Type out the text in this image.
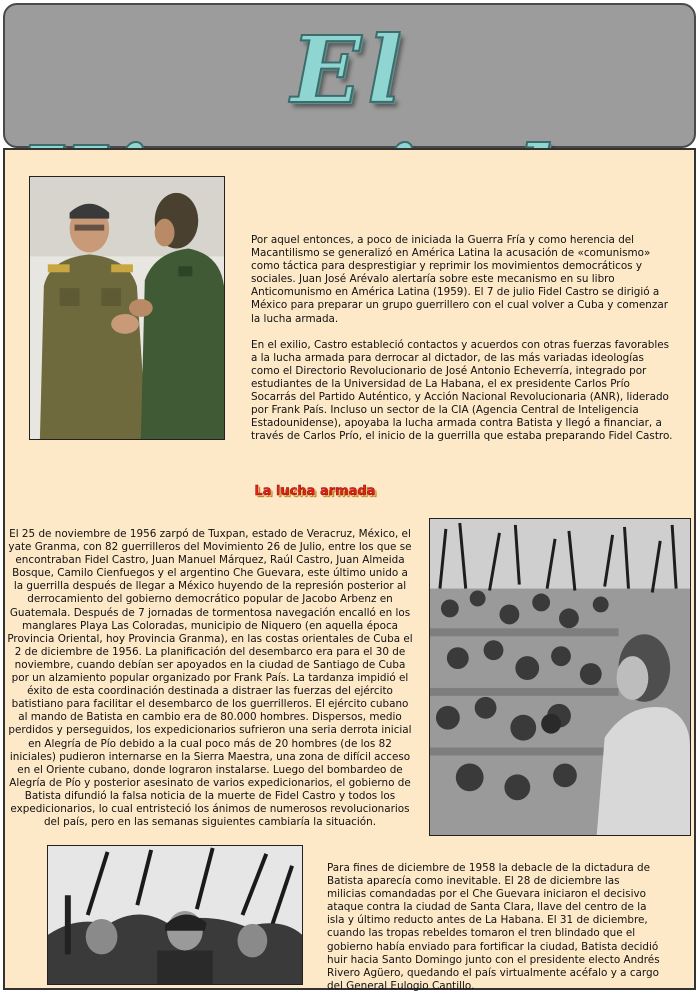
El

Por aquel entonces, a poco de iniciada la Guerra Fría y como herencia del Macantilismo se generalizó en América Latina la acusación de «comunismo» como táctica para desprestigiar y reprimir los movimientos democráticos y sociales. Juan José Arévalo alertaría sobre este mecanismo en su libro Anticomunismo en América Latina (1959). El 7 de julio Fidel Castro se dirigió a México para preparar un grupo guerrillero con el cual volver a Cuba y comenzar la lucha armada.

En el exilio, Castro estableció contactos y acuerdos con otras fuerzas favorables a la lucha armada para derrocar al dictador, de las más variadas ideologías como el Directorio Revolucionario de José Antonio Echeverría, integrado por estudiantes de la Universidad de La Habana, el ex presidente Carlos Prío Socarrás del Partido Auténtico, y Acción Nacional Revolucionaria (ANR), liderado por Frank País. Incluso un sector de la CIA (Agencia Central de Inteligencia Estadounidense), apoyaba la lucha armada contra Batista y llegó a financiar, a través de Carlos Prío, el inicio de la guerrilla que estaba preparando Fidel Castro.

La lucha armada
El 25 de noviembre de 1956 zarpó de Tuxpan, estado de Veracruz, México, el yate Granma, con 82 guerrilleros del Movimiento 26 de Julio, entre los que se encontraban Fidel Castro, Juan Manuel Márquez, Raúl Castro, Juan Almeida Bosque, Camilo Cienfuegos y el argentino Che Guevara, este último unido a la guerrilla después de llegar a México huyendo de la represión posterior al derrocamiento del gobierno democrático popular de Jacobo Arbenz en Guatemala. Después de 7 jornadas de tormentosa navegación encalló en los manglares Playa Las Coloradas, municipio de Niquero (en aquella época Provincia Oriental, hoy Provincia Granma), en las costas orientales de Cuba el 2 de diciembre de 1956. La planificación del desembarco era para el 30 de noviembre, cuando debían ser apoyados en la ciudad de Santiago de Cuba por un alzamiento popular organizado por Frank País. La tardanza impidió el éxito de esta coordinación destinada a distraer las fuerzas del ejército batistiano para facilitar el desembarco de los guerrilleros. El ejército cubano al mando de Batista en cambio era de 80.000 hombres. Dispersos, medio perdidos y perseguidos, los expedicionarios sufrieron una seria derrota inicial en Alegría de Pío debido a la cual poco más de 20 hombres (de los 82 iniciales) pudieron internarse en la Sierra Maestra, una zona de difícil acceso en el Oriente cubano, donde lograron instalarse. Luego del bombardeo de Alegría de Pío y posterior asesinato de varios expedicionarios, el gobierno de Batista difundió la falsa noticia de la muerte de Fidel Castro y todos los expedicionarios, lo cual entristeció los ánimos de numerosos revolucionarios del país, pero en las semanas siguientes cambiaría la situación.
Para fines de diciembre de 1958 la debacle de la dictadura de Batista aparecía como inevitable. El 28 de diciembre las milicias comandadas por el Che Guevara iniciaron el decisivo ataque contra la ciudad de Santa Clara, llave del centro de la isla y último reducto antes de La Habana. El 31 de diciembre, cuando las tropas rebeldes tomaron el tren blindado que el gobierno había enviado para fortificar la ciudad, Batista decidió huir hacia Santo Domingo junto con el presidente electo Andrés Rivero Agüero, quedando el país virtualmente acéfalo y a cargo del General Eulogio Cantillo.
